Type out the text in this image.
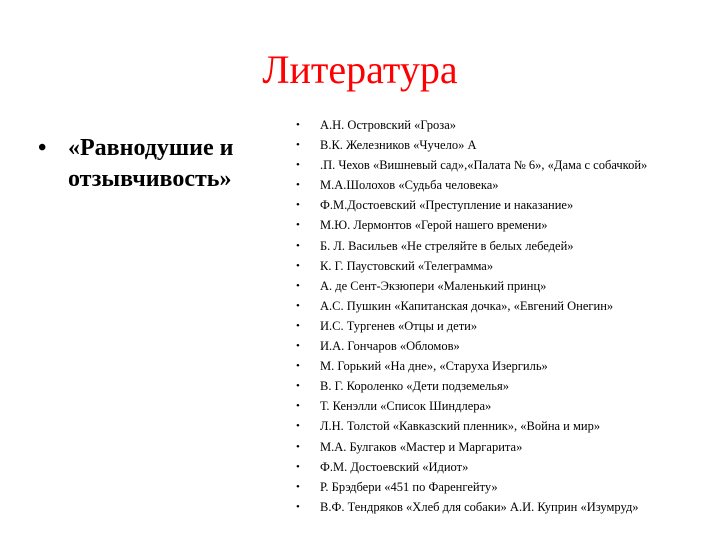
Литература
• «Равнодушие и отзывчивость»
•	А.Н. Островский «Гроза»
•	В.К. Железников «Чучело» А
•	.П. Чехов «Вишневый сад»,«Палата № 6», «Дама с собачкой»
•	М.А.Шолохов «Судьба человека»
•	Ф.М.Достоевский «Преступление и наказание»
•	М.Ю. Лермонтов «Герой нашего времени»
•	Б. Л. Васильев «Не стреляйте в белых лебедей»
•	К. Г. Паустовский «Телеграмма»
•	А. де Сент-Экзюпери «Маленький принц»
•	А.С. Пушкин «Капитанская дочка», «Евгений Онегин»
•	И.С. Тургенев «Отцы и дети»
•	И.А. Гончаров «Обломов»
•	М. Горький «На дне», «Старуха Изергиль»
•	В. Г. Короленко «Дети подземелья»
•	Т. Кенэлли «Список Шиндлера»
•	Л.Н. Толстой «Кавказский пленник», «Война и мир»
•	М.А. Булгаков «Мастер и Маргарита»
•	Ф.М. Достоевский «Идиот»
•	Р. Брэдбери «451 по Фаренгейту»
•	В.Ф. Тендряков «Хлеб для собаки» А.И. Куприн «Изумруд»
